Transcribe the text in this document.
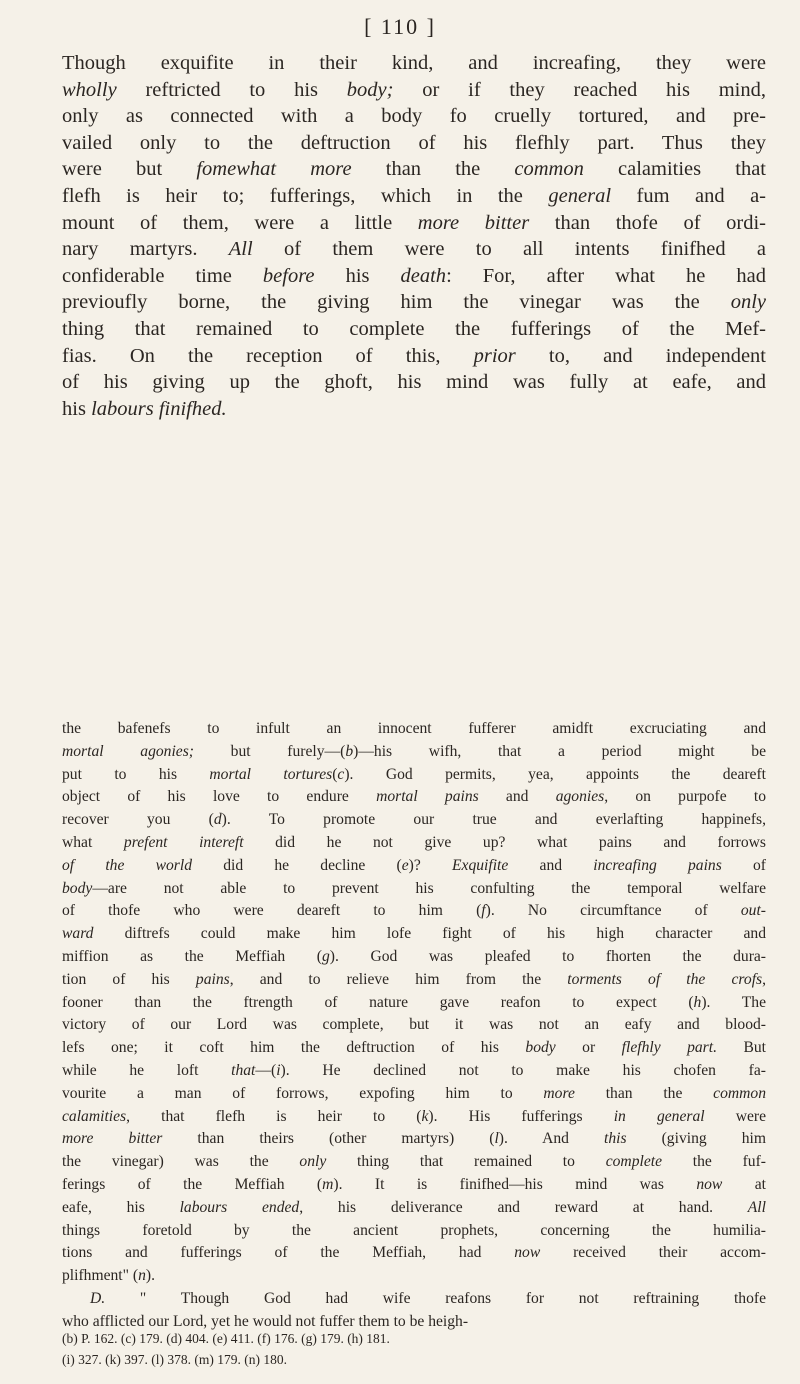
[ 110 ]
Though exquifite in their kind, and increafing, they were
wholly reftricted to his body; or if they reached his mind,
only as connected with a body fo cruelly tortured, and pre-
vailed only to the deftruction of his flefhly part. Thus they
were but fomewhat more than the common calamities that
flefh is heir to; fufferings, which in the general fum and a-
mount of them, were a little more bitter than thofe of ordi-
nary martyrs. All of them were to all intents finifhed a
confiderable time before his death: For, after what he had
previoufly borne, the giving him the vinegar was the only
thing that remained to complete the fufferings of the Mef-
fias. On the reception of this, prior to, and independent
of his giving up the ghoft, his mind was fully at eafe, and
his labours finifhed.
the bafenefs to infult an innocent fufferer amidft excruciating and
mortal agonies; but furely—(b)—his wifh, that a period might be
put to his mortal tortures(c). God permits, yea, appoints the deareft
object of his love to endure mortal pains and agonies, on purpofe to
recover you (d). To promote our true and everlafting happinefs,
what prefent intereft did he not give up? what pains and forrows
of the world did he decline (e)? Exquifite and increafing pains of
body—are not able to prevent his confulting the temporal welfare
of thofe who were deareft to him (f). No circumftance of out-
ward diftrefs could make him lofe fight of his high character and
miffion as the Meffiah (g). God was pleafed to fhorten the dura-
tion of his pains, and to relieve him from the torments of the crofs,
fooner than the ftrength of nature gave reafon to expect (h). The
victory of our Lord was complete, but it was not an eafy and blood-
lefs one; it coft him the deftruction of his body or flefhly part. But
while he loft that—(i). He declined not to make his chofen fa-
vourite a man of forrows, expofing him to more than the common
calamities, that flefh is heir to (k). His fufferings in general were
more bitter than theirs (other martyrs) (l). And this (giving him
the vinegar) was the only thing that remained to complete the fuf-
ferings of the Meffiah (m). It is finifhed—his mind was now at
eafe, his labours ended, his deliverance and reward at hand. All
things foretold by the ancient prophets, concerning the humilia-
tions and fufferings of the Meffiah, had now received their accom-
plifhment" (n).
D. " Though God had wife reafons for not reftraining thofe
who afflicted our Lord, yet he would not fuffer them to be heigh-
(b) P. 162. (c) 179. (d) 404. (e) 411. (f) 176. (g) 179. (h) 181.
(i) 327. (k) 397. (l) 378. (m) 179. (n) 180.
